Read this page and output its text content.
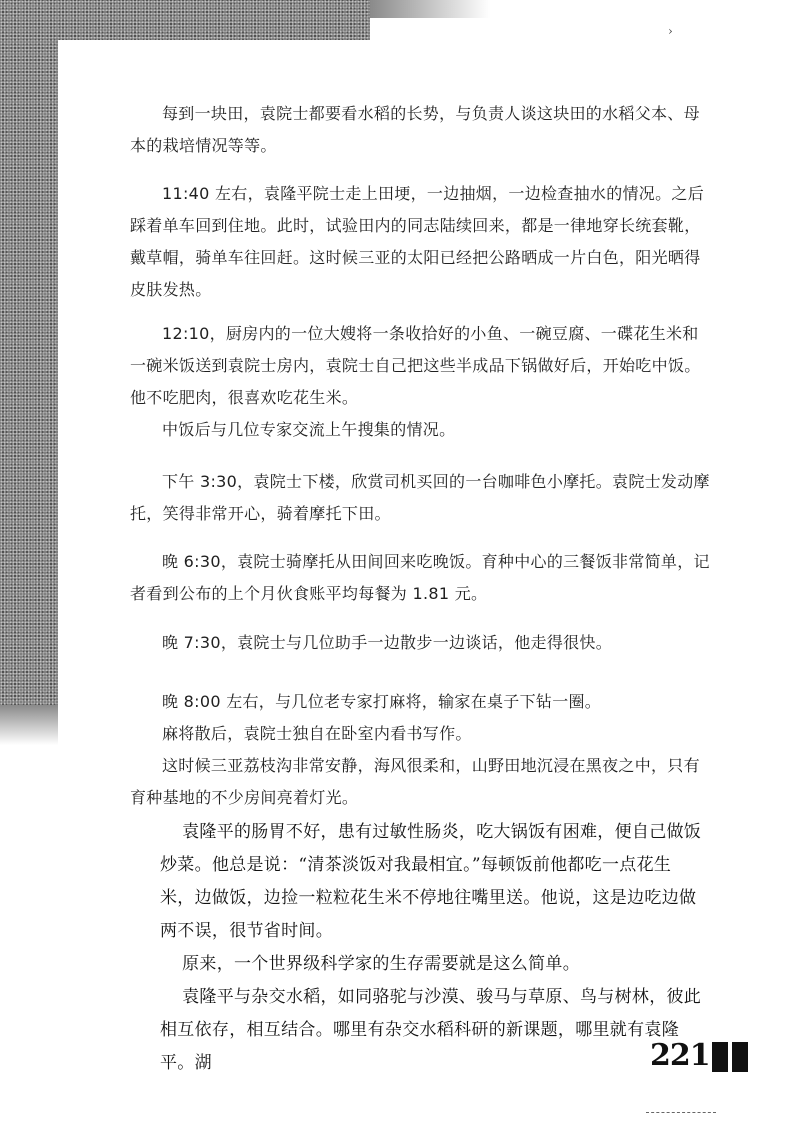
›

每到一块田，袁院士都要看水稻的长势，与负责人谈这块田的水稻父本、母本的栽培情况等等。

11:40 左右，袁隆平院士走上田埂，一边抽烟，一边检查抽水的情况。之后踩着单车回到住地。此时，试验田内的同志陆续回来，都是一律地穿长统套靴，戴草帽，骑单车往回赶。这时候三亚的太阳已经把公路晒成一片白色，阳光晒得皮肤发热。

12:10，厨房内的一位大嫂将一条收拾好的小鱼、一碗豆腐、一碟花生米和一碗米饭送到袁院士房内，袁院士自己把这些半成品下锅做好后，开始吃中饭。他不吃肥肉，很喜欢吃花生米。

中饭后与几位专家交流上午搜集的情况。

下午 3:30，袁院士下楼，欣赏司机买回的一台咖啡色小摩托。袁院士发动摩托，笑得非常开心，骑着摩托下田。

晚 6:30，袁院士骑摩托从田间回来吃晚饭。育种中心的三餐饭非常简单，记者看到公布的上个月伙食账平均每餐为 1.81 元。

晚 7:30，袁院士与几位助手一边散步一边谈话，他走得很快。

晚 8:00 左右，与几位老专家打麻将，输家在桌子下钻一圈。

麻将散后，袁院士独自在卧室内看书写作。

这时候三亚荔枝沟非常安静，海风很柔和，山野田地沉浸在黑夜之中，只有育种基地的不少房间亮着灯光。

袁隆平的肠胃不好，患有过敏性肠炎，吃大锅饭有困难，便自己做饭炒菜。他总是说：“清茶淡饭对我最相宜。”每顿饭前他都吃一点花生米，边做饭，边捡一粒粒花生米不停地往嘴里送。他说，这是边吃边做两不误，很节省时间。

原来，一个世界级科学家的生存需要就是这么简单。

袁隆平与杂交水稻，如同骆驼与沙漠、骏马与草原、鸟与树林，彼此相互依存，相互结合。哪里有杂交水稻科研的新课题，哪里就有袁隆平。湖	221
